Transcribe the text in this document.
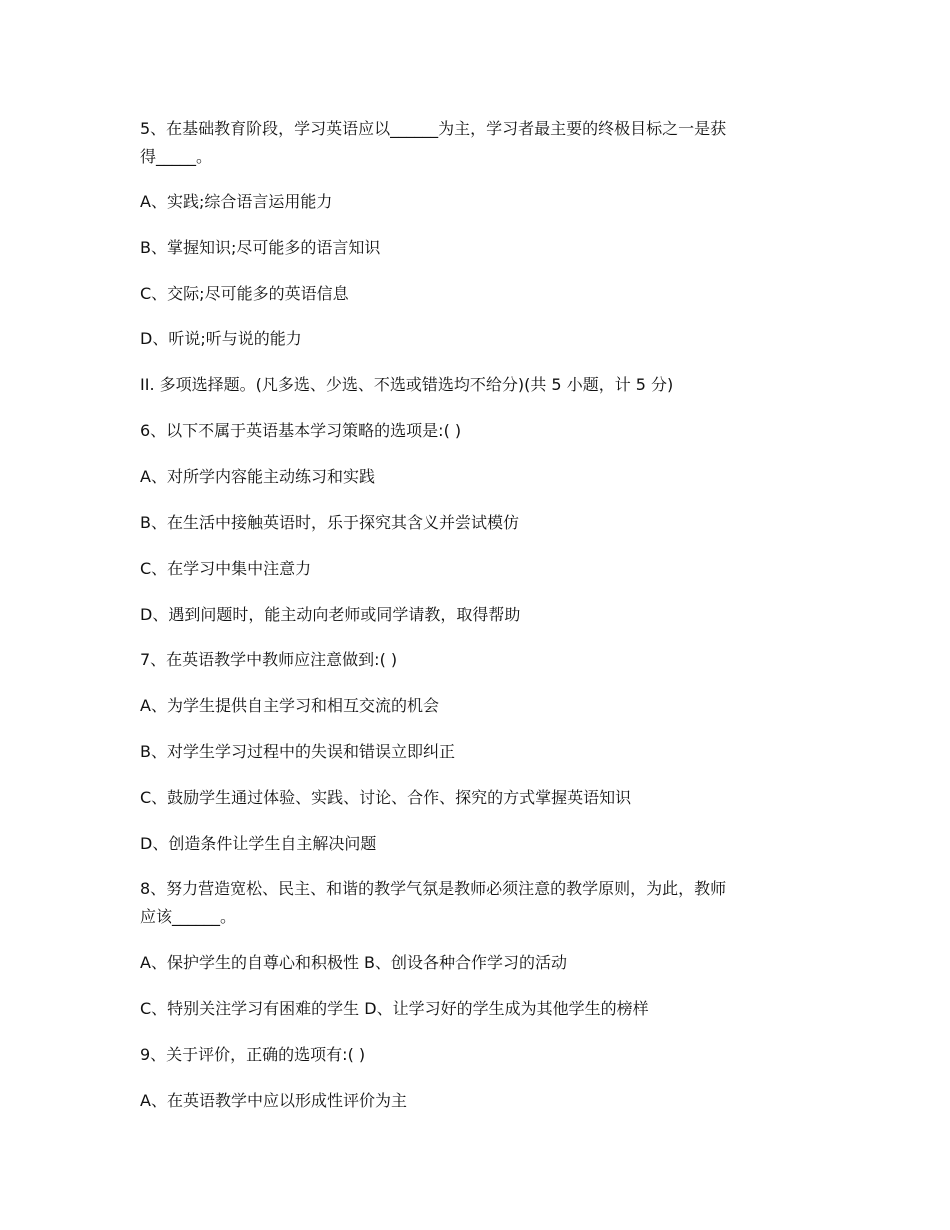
5、在基础教育阶段，学习英语应以______为主，学习者最主要的终极目标之一是获
得_____。
A、实践;综合语言运用能力
B、掌握知识;尽可能多的语言知识
C、交际;尽可能多的英语信息
D、听说;听与说的能力
II. 多项选择题。(凡多选、少选、不选或错选均不给分)(共 5 小题，计 5 分)
6、以下不属于英语基本学习策略的选项是:( )
A、对所学内容能主动练习和实践
B、在生活中接触英语时，乐于探究其含义并尝试模仿
C、在学习中集中注意力
D、遇到问题时，能主动向老师或同学请教，取得帮助
7、在英语教学中教师应注意做到:( )
A、为学生提供自主学习和相互交流的机会
B、对学生学习过程中的失误和错误立即纠正
C、鼓励学生通过体验、实践、讨论、合作、探究的方式掌握英语知识
D、创造条件让学生自主解决问题
8、努力营造宽松、民主、和谐的教学气氛是教师必须注意的教学原则，为此，教师
应该______。
A、保护学生的自尊心和积极性 B、创设各种合作学习的活动
C、特别关注学习有困难的学生 D、让学习好的学生成为其他学生的榜样
9、关于评价，正确的选项有:( )
A、在英语教学中应以形成性评价为主
